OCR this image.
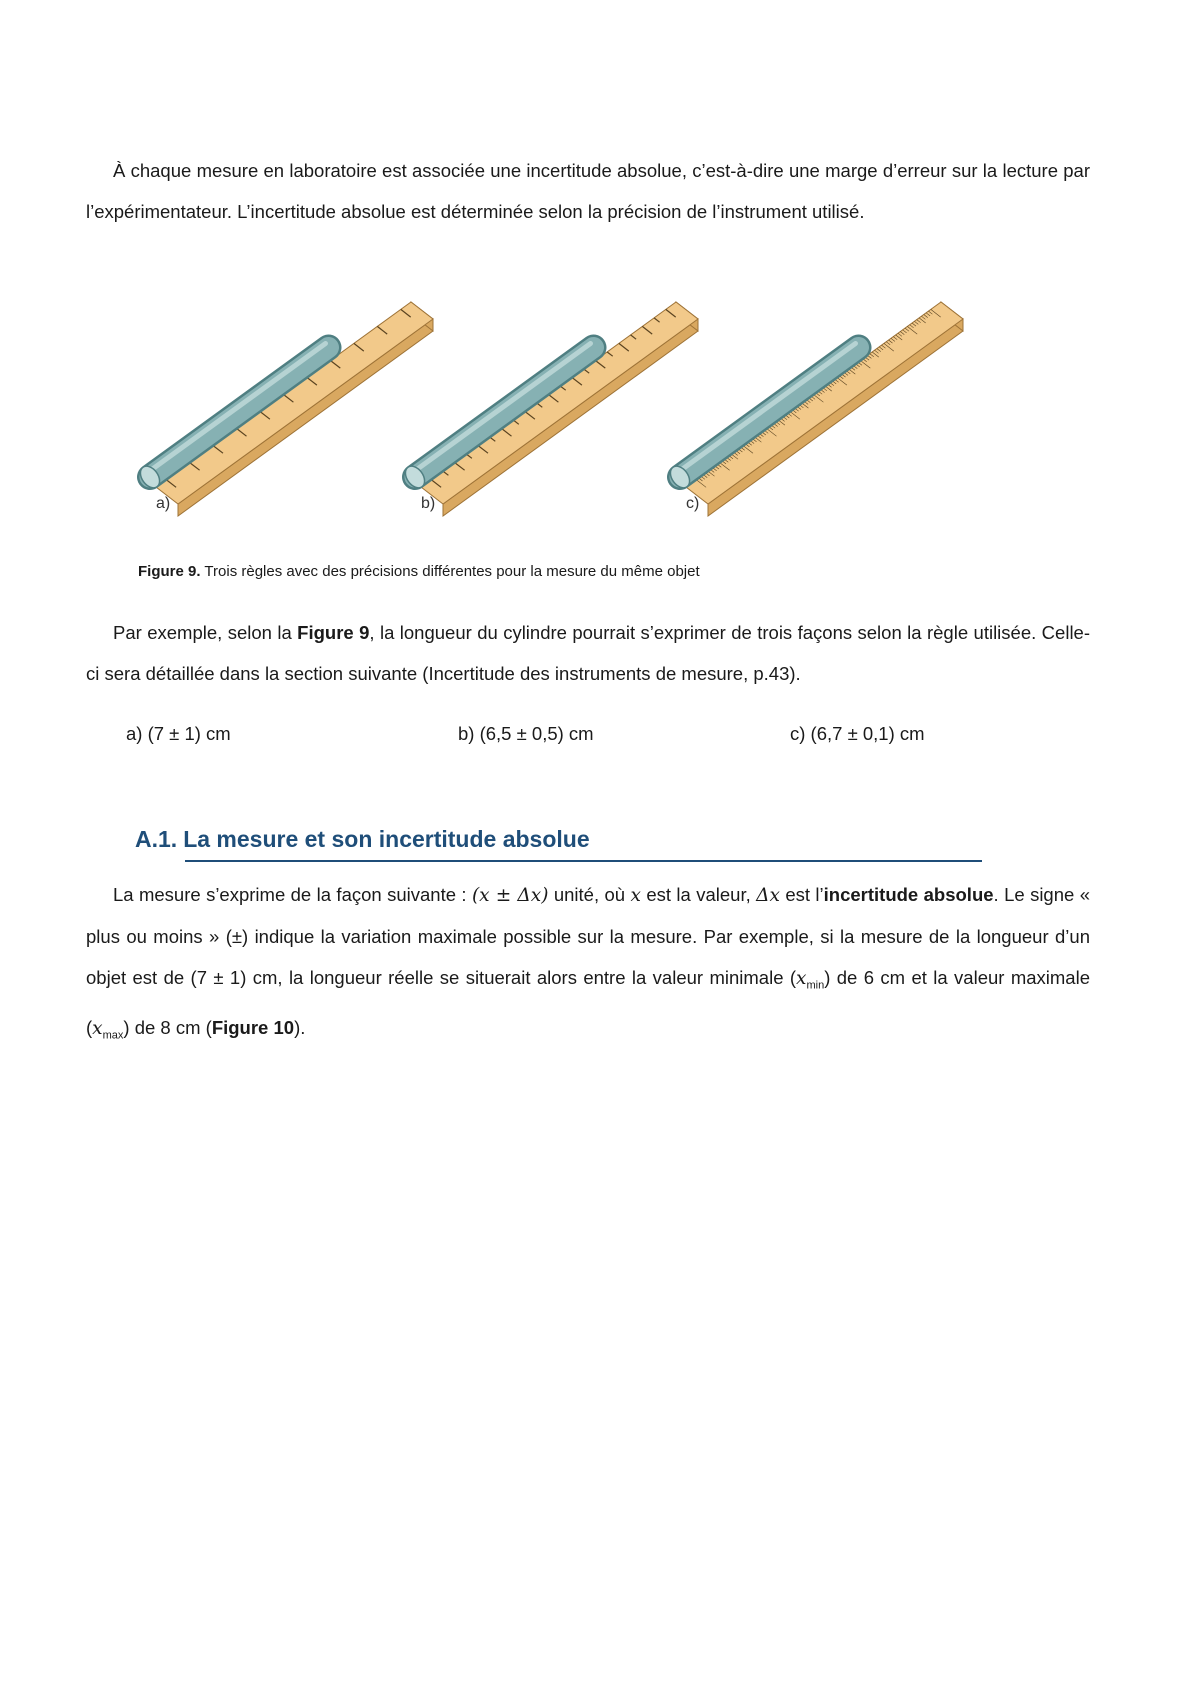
À chaque mesure en laboratoire est associée une incertitude absolue, c’est-à-dire une marge d’erreur sur la lecture par l’expérimentateur. L’incertitude absolue est déterminée selon la précision de l’instrument utilisé.

a)	b)	c)
Figure 9. Trois règles avec des précisions différentes pour la mesure du même objet

Par exemple, selon la Figure 9, la longueur du cylindre pourrait s’exprimer de trois façons selon la règle utilisée. Celle-ci sera détaillée dans la section suivante (Incertitude des instruments de mesure, p.43).

a) (7 ± 1) cm	b) (6,5 ± 0,5) cm	c) (6,7 ± 0,1) cm
A.1. La mesure et son incertitude absolue

La mesure s’exprime de la façon suivante : (x ± Δx) unité, où x est la valeur, Δx est l’incertitude absolue. Le signe « plus ou moins » (±) indique la variation maximale possible sur la mesure. Par exemple, si la mesure de la longueur d’un objet est de (7 ± 1) cm, la longueur réelle se situerait alors entre la valeur minimale $(x_{min})$ de 6 cm et la valeur maximale $(x_{max})$ de 8 cm (Figure 10).
